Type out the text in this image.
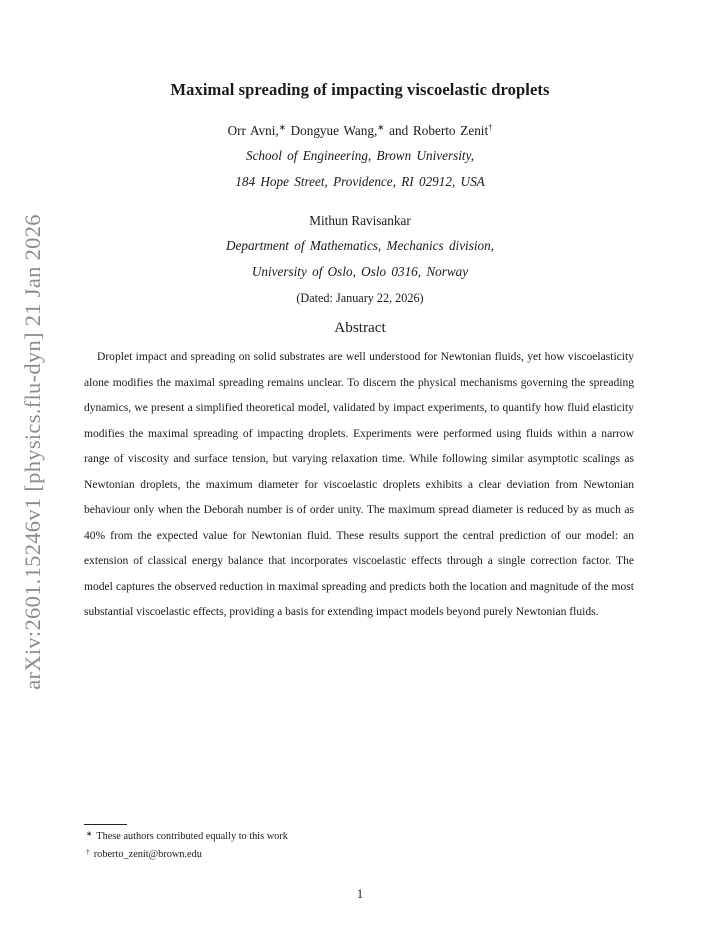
arXiv:2601.15246v1 [physics.flu-dyn] 21 Jan 2026
Maximal spreading of impacting viscoelastic droplets
Orr Avni,∗ Dongyue Wang,∗ and Roberto Zenit†
School of Engineering, Brown University,
184 Hope Street, Providence, RI 02912, USA
Mithun Ravisankar
Department of Mathematics, Mechanics division,
University of Oslo, Oslo 0316, Norway
(Dated: January 22, 2026)
Abstract

Droplet impact and spreading on solid substrates are well understood for Newtonian fluids, yet how viscoelasticity alone modifies the maximal spreading remains unclear. To discern the physical mechanisms governing the spreading dynamics, we present a simplified theoretical model, validated by impact experiments, to quantify how fluid elasticity modifies the maximal spreading of impacting droplets. Experiments were performed using fluids within a narrow range of viscosity and surface tension, but varying relaxation time. While following similar asymptotic scalings as Newtonian droplets, the maximum diameter for viscoelastic droplets exhibits a clear deviation from Newtonian behaviour only when the Deborah number is of order unity. The maximum spread diameter is reduced by as much as 40% from the expected value for Newtonian fluid. These results support the central prediction of our model: an extension of classical energy balance that incorporates viscoelastic effects through a single correction factor. The model captures the observed reduction in maximal spreading and predicts both the location and magnitude of the most substantial viscoelastic effects, providing a basis for extending impact models beyond purely Newtonian fluids.

∗ These authors contributed equally to this work
† roberto_zenit@brown.edu
1
